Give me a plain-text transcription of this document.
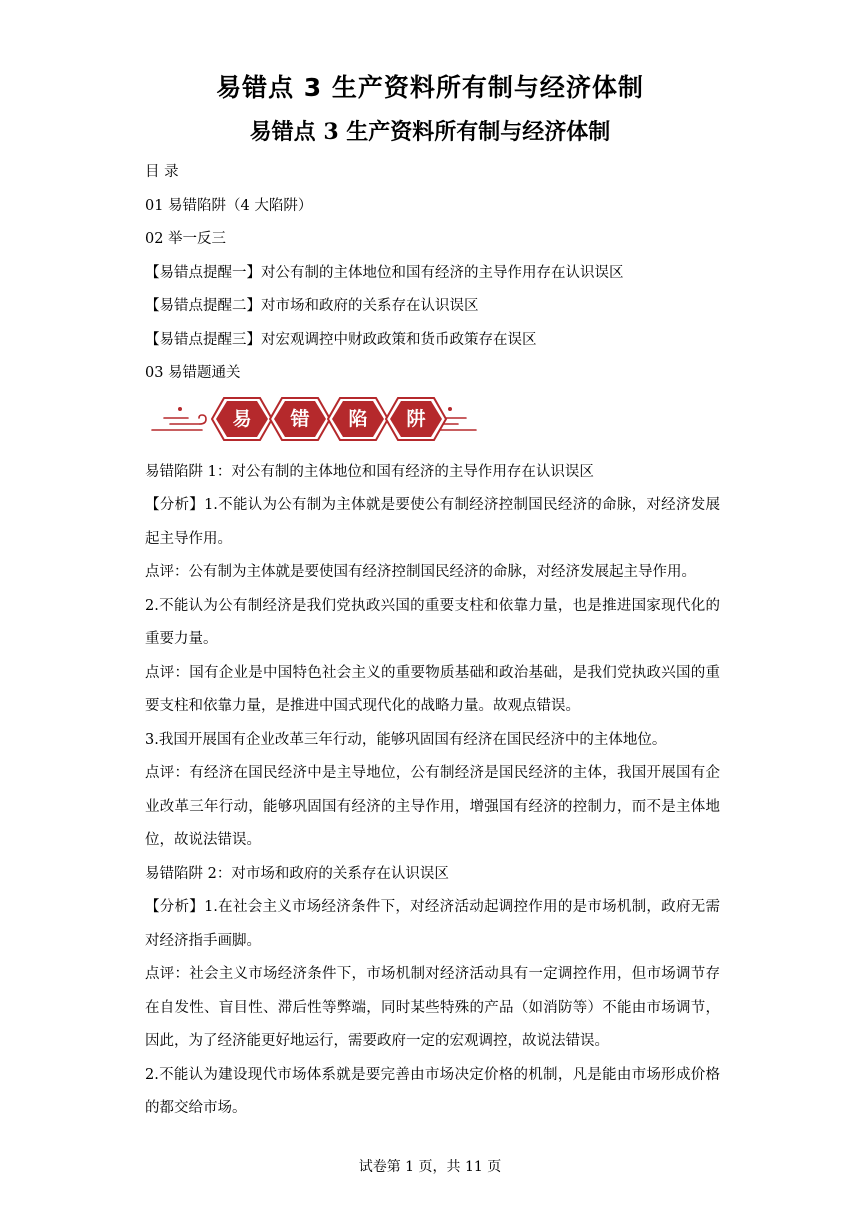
易错点 3 生产资料所有制与经济体制
易错点 3 生产资料所有制与经济体制
目 录
01 易错陷阱（4 大陷阱）
02 举一反三
【易错点提醒一】对公有制的主体地位和国有经济的主导作用存在认识误区
【易错点提醒二】对市场和政府的关系存在认识误区
【易错点提醒三】对宏观调控中财政政策和货币政策存在误区
03 易错题通关
易	错	陷	阱
易错陷阱 1：对公有制的主体地位和国有经济的主导作用存在认识误区
【分析】1.不能认为公有制为主体就是要使公有制经济控制国民经济的命脉，对经济发展起主导作用。
点评：公有制为主体就是要使国有经济控制国民经济的命脉，对经济发展起主导作用。
2.不能认为公有制经济是我们党执政兴国的重要支柱和依靠力量，也是推进国家现代化的重要力量。
点评：国有企业是中国特色社会主义的重要物质基础和政治基础，是我们党执政兴国的重要支柱和依靠力量，是推进中国式现代化的战略力量。故观点错误。
3.我国开展国有企业改革三年行动，能够巩固国有经济在国民经济中的主体地位。
点评：有经济在国民经济中是主导地位，公有制经济是国民经济的主体，我国开展国有企业改革三年行动，能够巩固国有经济的主导作用，增强国有经济的控制力，而不是主体地位，故说法错误。
易错陷阱 2：对市场和政府的关系存在认识误区
【分析】1.在社会主义市场经济条件下，对经济活动起调控作用的是市场机制，政府无需对经济指手画脚。
点评：社会主义市场经济条件下，市场机制对经济活动具有一定调控作用，但市场调节存在自发性、盲目性、滞后性等弊端，同时某些特殊的产品（如消防等）不能由市场调节，因此，为了经济能更好地运行，需要政府一定的宏观调控，故说法错误。
2.不能认为建设现代市场体系就是要完善由市场决定价格的机制，凡是能由市场形成价格的都交给市场。
试卷第 1 页，共 11 页
